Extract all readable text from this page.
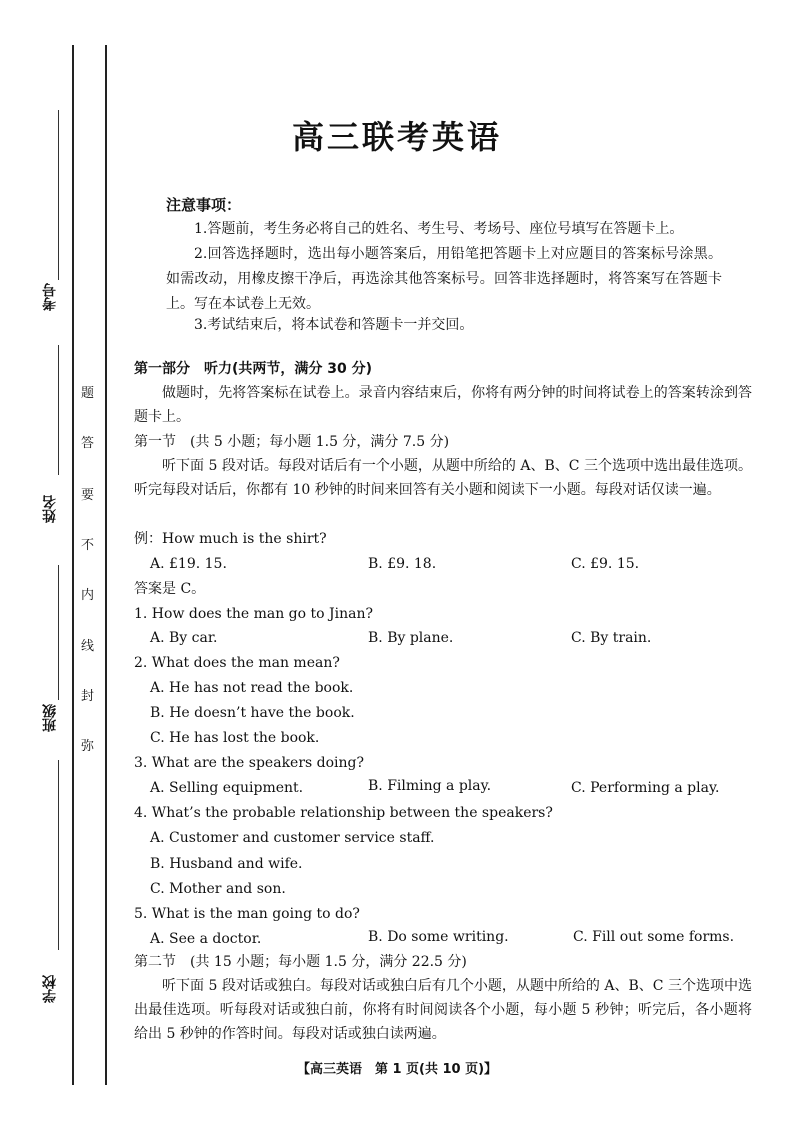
考号
姓名
班级
学校
题
答
要
不
内
线
封
弥
高三联考英语
注意事项：
1.答题前，考生务必将自己的姓名、考生号、考场号、座位号填写在答题卡上。
2.回答选择题时，选出每小题答案后，用铅笔把答题卡上对应题目的答案标号涂黑。如需改动，用橡皮擦干净后，再选涂其他答案标号。回答非选择题时，将答案写在答题卡上。写在本试卷上无效。
3.考试结束后，将本试卷和答题卡一并交回。
第一部分　听力(共两节，满分 30 分)
做题时，先将答案标在试卷上。录音内容结束后，你将有两分钟的时间将试卷上的答案转涂到答题卡上。
第一节　(共 5 小题；每小题 1.5 分，满分 7.5 分)
听下面 5 段对话。每段对话后有一个小题，从题中所给的 A、B、C 三个选项中选出最佳选项。听完每段对话后，你都有 10 秒钟的时间来回答有关小题和阅读下一小题。每段对话仅读一遍。
例：How much is the shirt?
A. £19. 15.	B. £9. 18.	C. £9. 15.
答案是 C。
1. How does the man go to Jinan?
A. By car.	B. By plane.	C. By train.
2. What does the man mean?
A. He has not read the book.
B. He doesn’t have the book.
C. He has lost the book.
3. What are the speakers doing?
A. Selling equipment.	B. Filming a play.	C. Performing a play.
4. What’s the probable relationship between the speakers?
A. Customer and customer service staff.
B. Husband and wife.
C. Mother and son.
5. What is the man going to do?
A. See a doctor.	B. Do some writing.	C. Fill out some forms.
第二节　(共 15 小题；每小题 1.5 分，满分 22.5 分)
听下面 5 段对话或独白。每段对话或独白后有几个小题，从题中所给的 A、B、C 三个选项中选出最佳选项。听每段对话或独白前，你将有时间阅读各个小题，每小题 5 秒钟；听完后，各小题将给出 5 秒钟的作答时间。每段对话或独白读两遍。
【高三英语　第 1 页(共 10 页)】
